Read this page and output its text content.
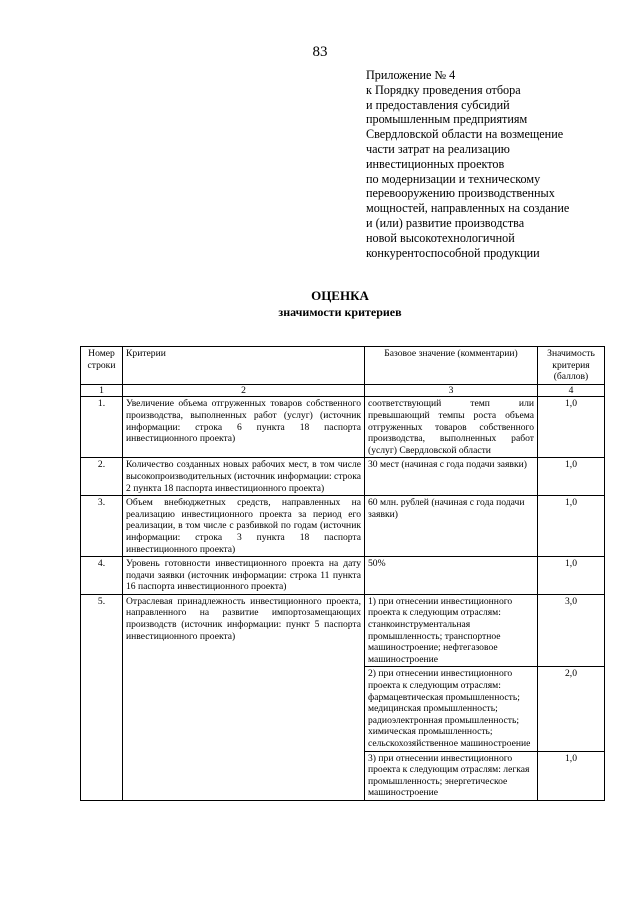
83
Приложение № 4
к Порядку проведения отбора
и предоставления субсидий
промышленным предприятиям
Свердловской области на возмещение
части затрат на реализацию
инвестиционных проектов
по модернизации и техническому
перевооружению производственных
мощностей, направленных на создание
и (или) развитие производства
новой высокотехнологичной
конкурентоспособной продукции
ОЦЕНКА
значимости критериев
Номер строки	Критерии	Базовое значение (комментарии)	Значимость критерия (баллов)
1	2	3	4
1.	Увеличение объема отгруженных товаров собственного производства, выполненных работ (услуг) (источник информации: строка 6 пункта 18 паспорта инвестиционного проекта)	соответствующий темп или превышающий темпы роста объема отгруженных товаров собственного производства, выполненных работ (услуг) Свердловской области	1,0
2.	Количество созданных новых рабочих мест, в том числе высокопроизводительных (источник информации: строка 2 пункта 18 паспорта инвестиционного проекта)	30 мест (начиная с года подачи заявки)	1,0
3.	Объем внебюджетных средств, направленных на реализацию инвестиционного проекта за период его реализации, в том числе с разбивкой по годам (источник информации: строка 3 пункта 18 паспорта инвестиционного проекта)	60 млн. рублей (начиная с года подачи заявки)	1,0
4.	Уровень готовности инвестиционного проекта на дату подачи заявки (источник информации: строка 11 пункта 16 паспорта инвестиционного проекта)	50%	1,0
5.	Отраслевая принадлежность инвестиционного проекта, направленного на развитие импортозамещающих производств (источник информации: пункт 5 паспорта инвестиционного проекта)	1) при отнесении инвестиционного проекта к следующим отраслям: станкоинструментальная промышленность; транспортное машиностроение; нефтегазовое машиностроение	3,0
		2) при отнесении инвестиционного проекта к следующим отраслям: фармацевтическая промышленность; медицинская промышленность; радиоэлектронная промышленность; химическая промышленность; сельскохозяйственное машиностроение	2,0
		3) при отнесении инвестиционного проекта к следующим отраслям: легкая промышленность; энергетическое машиностроение	1,0
